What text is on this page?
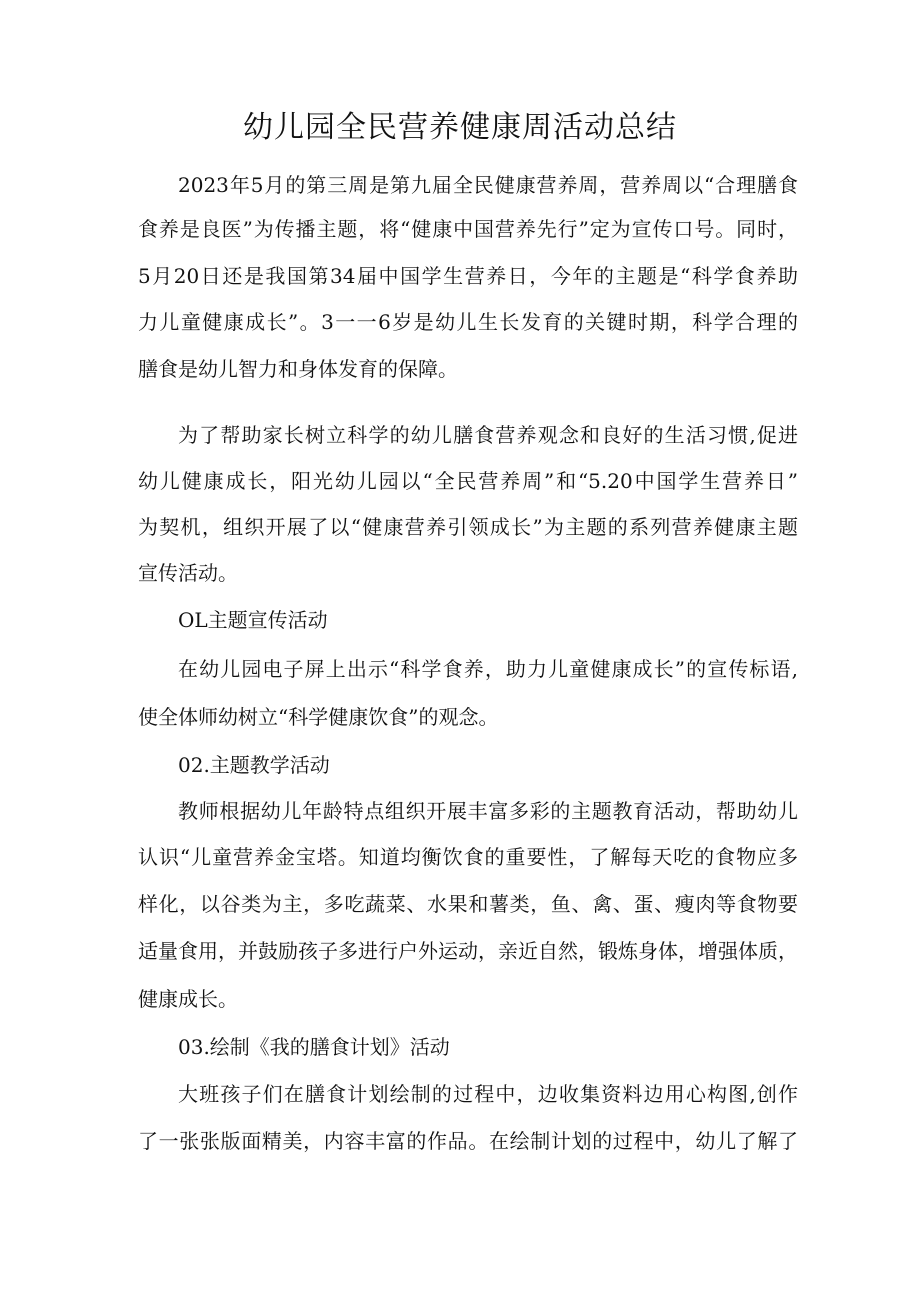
幼儿园全民营养健康周活动总结
2023年5月的第三周是第九届全民健康营养周，营养周以“合理膳食
食养是良医”为传播主题，将“健康中国营养先行”定为宣传口号。同时，
5月20日还是我国第34届中国学生营养日，今年的主题是“科学食养助
力儿童健康成长”。3一一6岁是幼儿生长发育的关键时期，科学合理的
膳食是幼儿智力和身体发育的保障。
为了帮助家长树立科学的幼儿膳食营养观念和良好的生活习惯,促进
幼儿健康成长，阳光幼儿园以“全民营养周”和“5.20中国学生营养日”
为契机，组织开展了以“健康营养引领成长”为主题的系列营养健康主题
宣传活动。
OL主题宣传活动
在幼儿园电子屏上出示“科学食养，助力儿童健康成长”的宣传标语,
使全体师幼树立“科学健康饮食”的观念。
02.主题教学活动
教师根据幼儿年龄特点组织开展丰富多彩的主题教育活动，帮助幼儿
认识“儿童营养金宝塔。知道均衡饮食的重要性，了解每天吃的食物应多
样化，以谷类为主，多吃蔬菜、水果和薯类，鱼、禽、蛋、瘦肉等食物要
适量食用，并鼓励孩子多进行户外运动，亲近自然，锻炼身体，增强体质，
健康成长。
03.绘制《我的膳食计划》活动
大班孩子们在膳食计划绘制的过程中，边收集资料边用心构图,创作
了一张张版面精美，内容丰富的作品。在绘制计划的过程中，幼儿了解了
